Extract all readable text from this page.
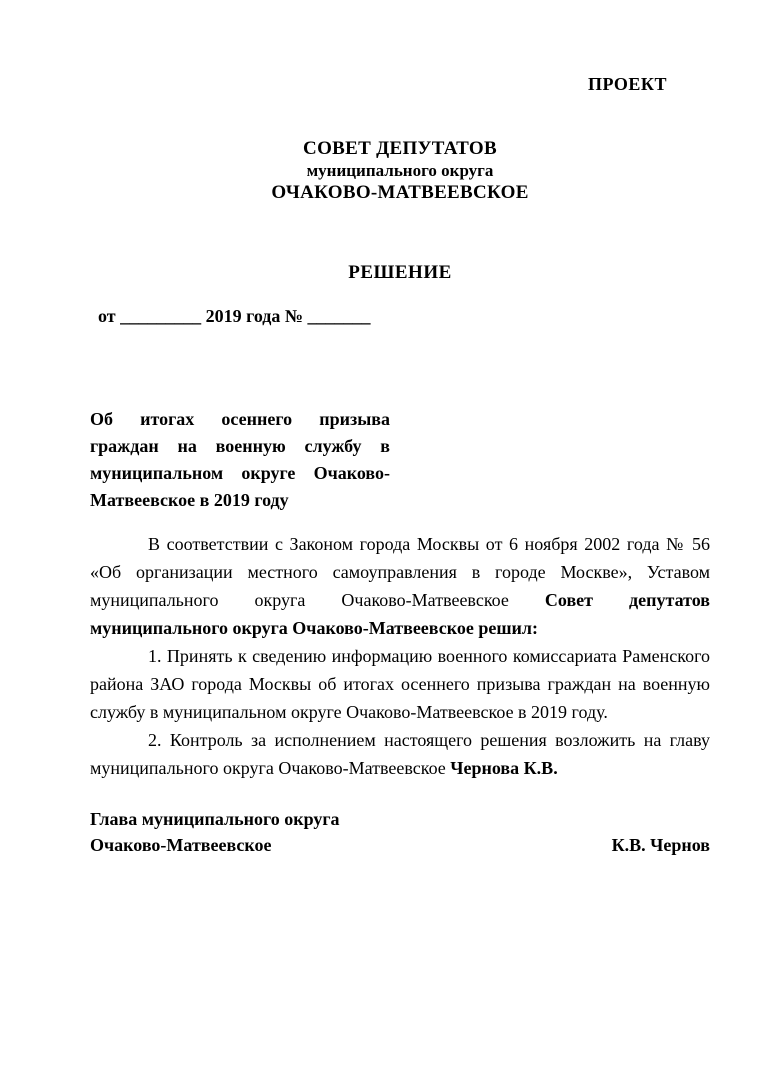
ПРОЕКТ
СОВЕТ ДЕПУТАТОВ
муниципального округа
ОЧАКОВО-МАТВЕЕВСКОЕ
РЕШЕНИЕ
от _________ 2019 года № _______
Об итогах осеннего призыва граждан на военную службу в муниципальном округе Очаково-Матвеевское в 2019 году

В соответствии с Законом города Москвы от 6 ноября 2002 года № 56 «Об организации местного самоуправления в городе Москве», Уставом муниципального округа Очаково-Матвеевское Совет депутатов муниципального округа Очаково-Матвеевское решил:

1. Принять к сведению информацию военного комиссариата Раменского района ЗАО города Москвы об итогах осеннего призыва граждан на военную службу в муниципальном округе Очаково-Матвеевское в 2019 году.

2. Контроль за исполнением настоящего решения возложить на главу муниципального округа Очаково-Матвеевское Чернова К.В.

Глава муниципального округа
Очаково-Матвеевское	К.В. Чернов
